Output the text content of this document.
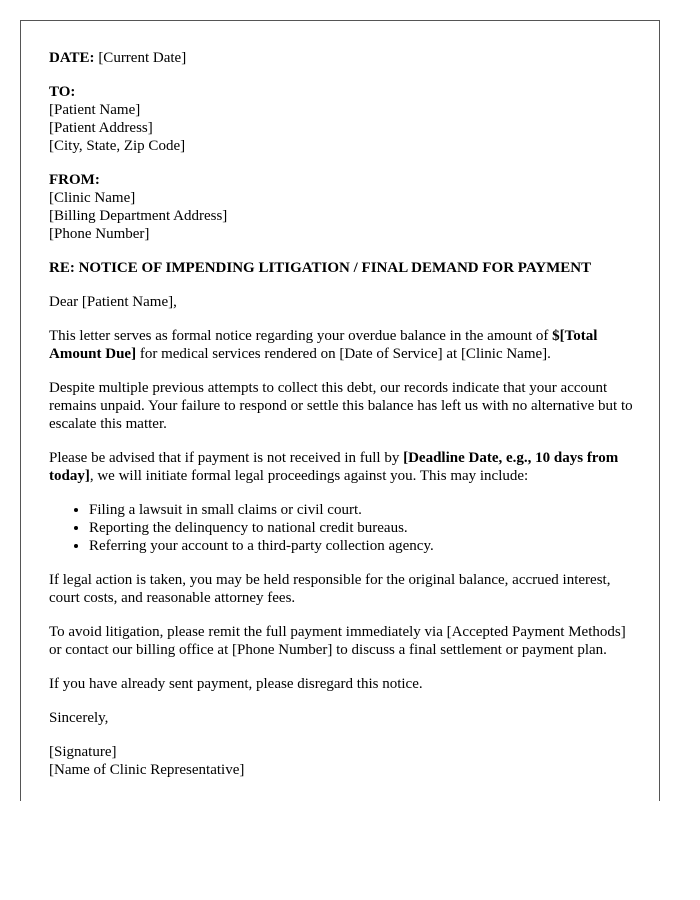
DATE: [Current Date]

TO:
[Patient Name]
[Patient Address]
[City, State, Zip Code]
FROM:
[Clinic Name]
[Billing Department Address]
[Phone Number]

RE: NOTICE OF IMPENDING LITIGATION / FINAL DEMAND FOR PAYMENT

Dear [Patient Name],

This letter serves as formal notice regarding your overdue balance in the amount of $[Total Amount Due] for medical services rendered on [Date of Service] at [Clinic Name].

Despite multiple previous attempts to collect this debt, our records indicate that your account remains unpaid. Your failure to respond or settle this balance has left us with no alternative but to escalate this matter.

Please be advised that if payment is not received in full by [Deadline Date, e.g., 10 days from today], we will initiate formal legal proceedings against you. This may include:

• Filing a lawsuit in small claims or civil court.
• Reporting the delinquency to national credit bureaus.
• Referring your account to a third-party collection agency.

If legal action is taken, you may be held responsible for the original balance, accrued interest, court costs, and reasonable attorney fees.

To avoid litigation, please remit the full payment immediately via [Accepted Payment Methods] or contact our billing office at [Phone Number] to discuss a final settlement or payment plan.

If you have already sent payment, please disregard this notice.

Sincerely,

[Signature]
[Name of Clinic Representative]
